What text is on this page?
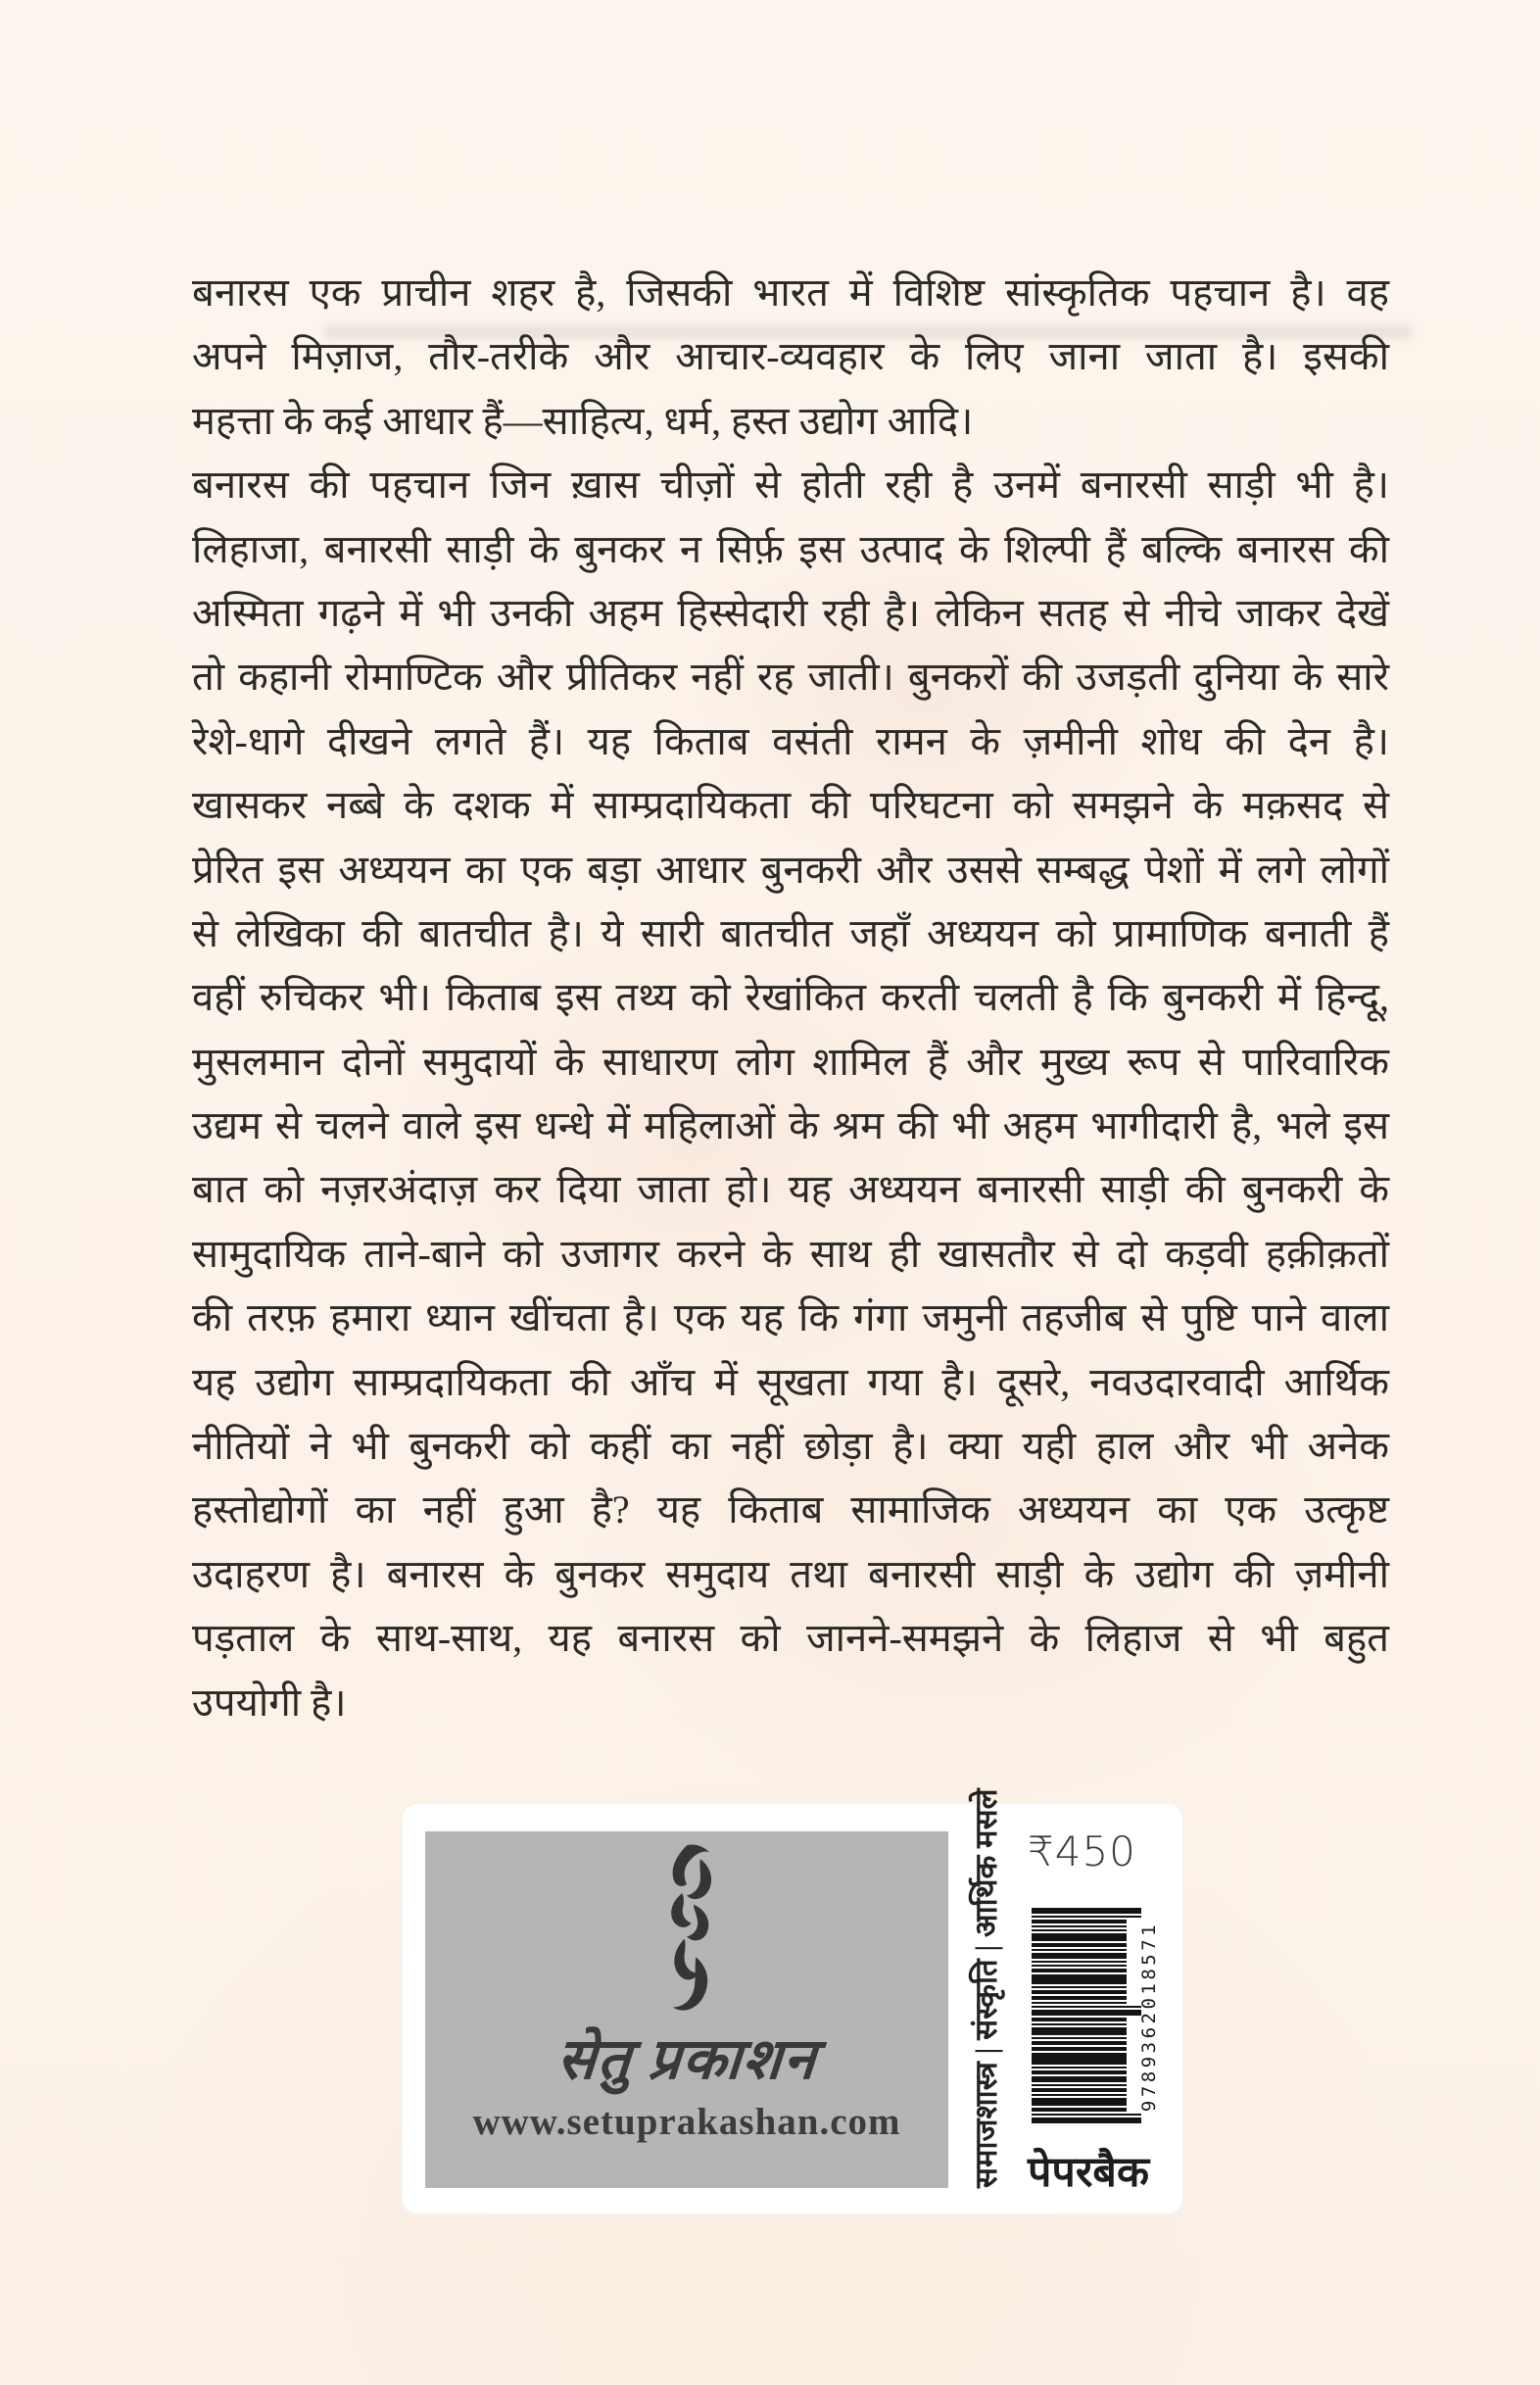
बनारस एक प्राचीन शहर है, जिसकी भारत में विशिष्ट सांस्कृतिक पहचान है। वह
अपने मिज़ाज, तौर-तरीके और आचार-व्यवहार के लिए जाना जाता है। इसकी
महत्ता के कई आधार हैं—साहित्य, धर्म, हस्त उद्योग आदि।
बनारस की पहचान जिन ख़ास चीज़ों से होती रही है उनमें बनारसी साड़ी भी है।
लिहाजा, बनारसी साड़ी के बुनकर न सिर्फ़ इस उत्पाद के शिल्पी हैं बल्कि बनारस की
अस्मिता गढ़ने में भी उनकी अहम हिस्सेदारी रही है। लेकिन सतह से नीचे जाकर देखें
तो कहानी रोमाण्टिक और प्रीतिकर नहीं रह जाती। बुनकरों की उजड़ती दुनिया के सारे
रेशे-धागे दीखने लगते हैं। यह किताब वसंती रामन के ज़मीनी शोध की देन है।
खासकर नब्बे के दशक में साम्प्रदायिकता की परिघटना को समझने के मक़सद से
प्रेरित इस अध्ययन का एक बड़ा आधार बुनकरी और उससे सम्बद्ध पेशों में लगे लोगों
से लेखिका की बातचीत है। ये सारी बातचीत जहाँ अध्ययन को प्रामाणिक बनाती हैं
वहीं रुचिकर भी। किताब इस तथ्य को रेखांकित करती चलती है कि बुनकरी में हिन्दू,
मुसलमान दोनों समुदायों के साधारण लोग शामिल हैं और मुख्य रूप से पारिवारिक
उद्यम से चलने वाले इस धन्धे में महिलाओं के श्रम की भी अहम भागीदारी है, भले इस
बात को नज़रअंदाज़ कर दिया जाता हो। यह अध्ययन बनारसी साड़ी की बुनकरी के
सामुदायिक ताने-बाने को उजागर करने के साथ ही खासतौर से दो कड़वी हक़ीक़तों
की तरफ़ हमारा ध्यान खींचता है। एक यह कि गंगा जमुनी तहजीब से पुष्टि पाने वाला
यह उद्योग साम्प्रदायिकता की आँच में सूखता गया है। दूसरे, नवउदारवादी आर्थिक
नीतियों ने भी बुनकरी को कहीं का नहीं छोड़ा है। क्या यही हाल और भी अनेक
हस्तोद्योगों का नहीं हुआ है? यह किताब सामाजिक अध्ययन का एक उत्कृष्ट
उदाहरण है। बनारस के बुनकर समुदाय तथा बनारसी साड़ी के उद्योग की ज़मीनी
पड़ताल के साथ-साथ, यह बनारस को जानने-समझने के लिहाज से भी बहुत
उपयोगी है।
सेतु प्रकाशन
www.setuprakashan.com समाजशास्त्र | संस्कृति | आर्थिक मसले ₹450
9789362018571
पेपरबैक
